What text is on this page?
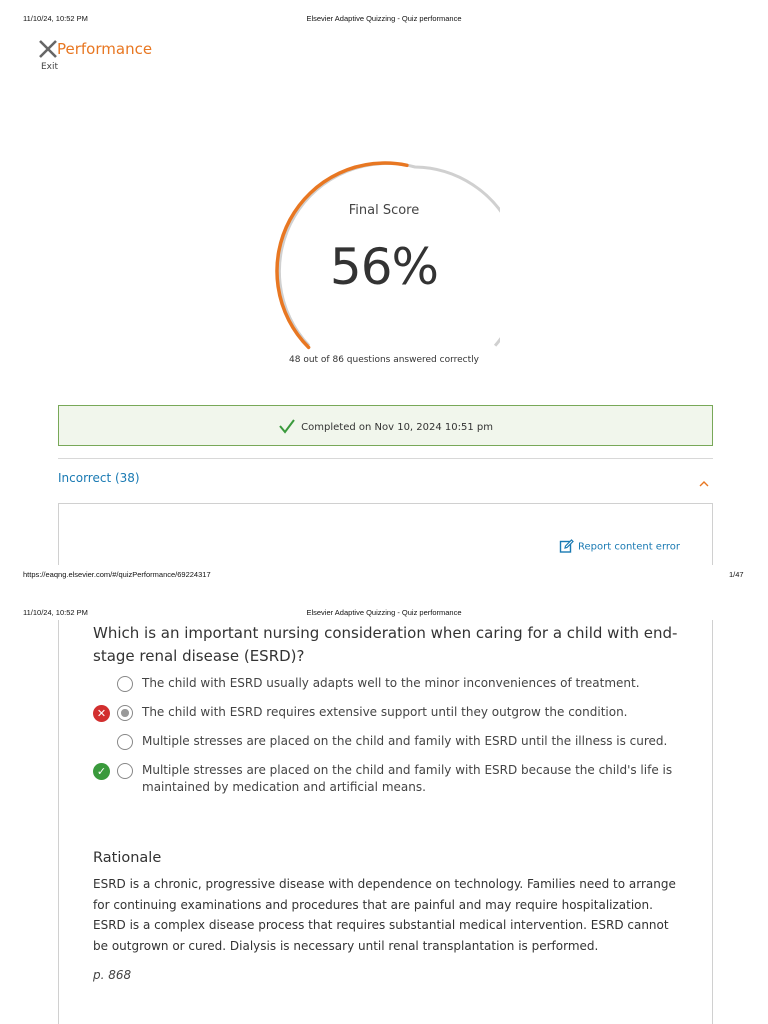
11/10/24, 10:52 PM	Elsevier Adaptive Quizzing - Quiz performance
Exit
Performance
Final Score
56%
48 out of 86 questions answered correctly
Completed on Nov 10, 2024 10:51 pm
Incorrect (38)
Report content error
https://eaqng.elsevier.com/#/quizPerformance/69224317	1/47
11/10/24, 10:52 PM	Elsevier Adaptive Quizzing - Quiz performance
Which is an important nursing consideration when caring for a child with end-stage renal disease (ESRD)?
The child with ESRD usually adapts well to the minor inconveniences of treatment.
✕	The child with ESRD requires extensive support until they outgrow the condition.
Multiple stresses are placed on the child and family with ESRD until the illness is cured.
✓	Multiple stresses are placed on the child and family with ESRD because the child's life is maintained by medication and artificial means.
Rationale
ESRD is a chronic, progressive disease with dependence on technology. Families need to arrange for continuing examinations and procedures that are painful and may require hospitalization. ESRD is a complex disease process that requires substantial medical intervention. ESRD cannot be outgrown or cured. Dialysis is necessary until renal transplantation is performed.
p. 868
